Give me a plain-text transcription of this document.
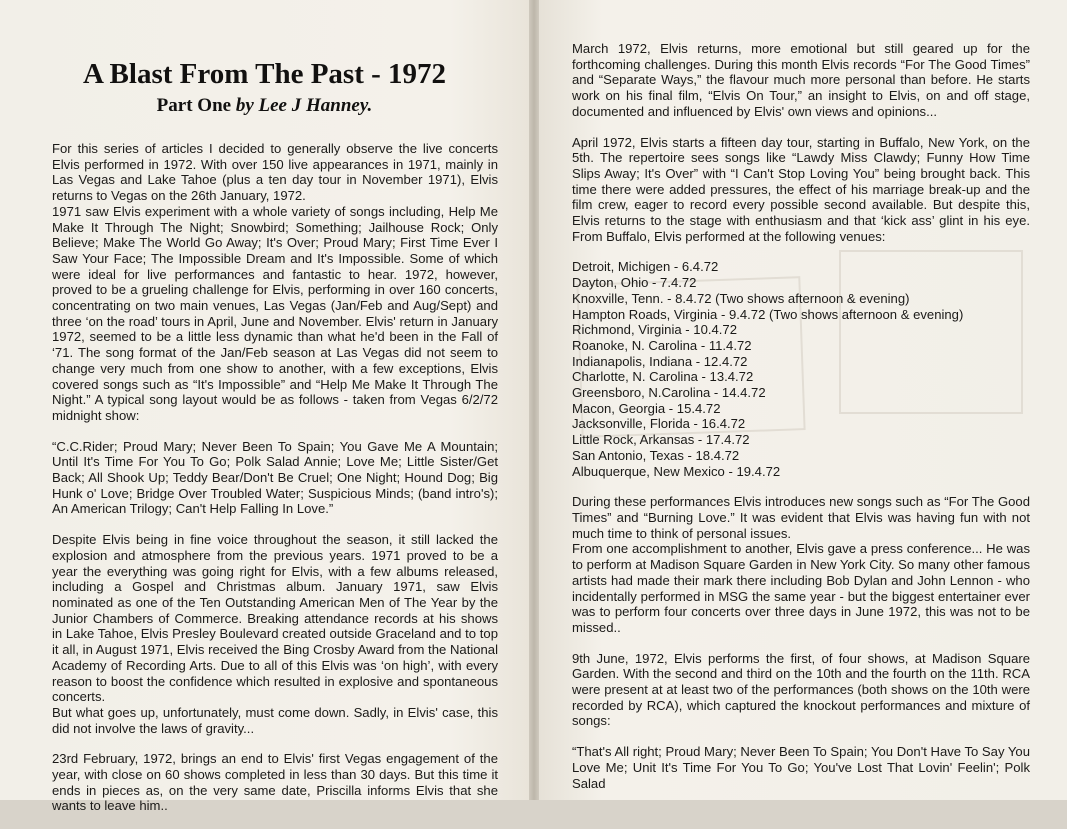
A Blast From The Past - 1972
Part One by Lee J Hanney.

For this series of articles I decided to generally observe the live concerts Elvis performed in 1972. With over 150 live appearances in 1971, mainly in Las Vegas and Lake Tahoe (plus a ten day tour in November 1971), Elvis returns to Vegas on the 26th January, 1972.

1971 saw Elvis experiment with a whole variety of songs including, Help Me Make It Through The Night; Snowbird; Something; Jailhouse Rock; Only Believe; Make The World Go Away; It's Over; Proud Mary; First Time Ever I Saw Your Face; The Impossible Dream and It's Impossible. Some of which were ideal for live performances and fantastic to hear. 1972, however, proved to be a grueling challenge for Elvis, performing in over 160 concerts, concentrating on two main venues, Las Vegas (Jan/Feb and Aug/Sept) and three ‘on the road’ tours in April, June and November. Elvis' return in January 1972, seemed to be a little less dynamic than what he'd been in the Fall of ‘71. The song format of the Jan/Feb season at Las Vegas did not seem to change very much from one show to another, with a few exceptions, Elvis covered songs such as “It's Impossible” and “Help Me Make It Through The Night.” A typical song layout would be as follows - taken from Vegas 6/2/72 midnight show:

“C.C.Rider; Proud Mary; Never Been To Spain; You Gave Me A Mountain; Until It's Time For You To Go; Polk Salad Annie; Love Me; Little Sister/Get Back; All Shook Up; Teddy Bear/Don't Be Cruel; One Night; Hound Dog; Big Hunk o' Love; Bridge Over Troubled Water; Suspicious Minds; (band intro's); An American Trilogy; Can't Help Falling In Love.”

Despite Elvis being in fine voice throughout the season, it still lacked the explosion and atmosphere from the previous years. 1971 proved to be a year the everything was going right for Elvis, with a few albums released, including a Gospel and Christmas album. January 1971, saw Elvis nominated as one of the Ten Outstanding American Men of The Year by the Junior Chambers of Commerce. Breaking attendance records at his shows in Lake Tahoe, Elvis Presley Boulevard created outside Graceland and to top it all, in August 1971, Elvis received the Bing Crosby Award from the National Academy of Recording Arts. Due to all of this Elvis was ‘on high’, with every reason to boost the confidence which resulted in explosive and spontaneous concerts.

But what goes up, unfortunately, must come down. Sadly, in Elvis' case, this did not involve the laws of gravity...

23rd February, 1972, brings an end to Elvis' first Vegas engagement of the year, with close on 60 shows completed in less than 30 days. But this time it ends in pieces as, on the very same date, Priscilla informs Elvis that she wants to leave him..

March 1972, Elvis returns, more emotional but still geared up for the forthcoming challenges. During this month Elvis records “For The Good Times” and “Separate Ways,” the flavour much more personal than before. He starts work on his final film, “Elvis On Tour,” an insight to Elvis, on and off stage, documented and influenced by Elvis' own views and opinions...

April 1972, Elvis starts a fifteen day tour, starting in Buffalo, New York, on the 5th. The repertoire sees songs like “Lawdy Miss Clawdy; Funny How Time Slips Away; It's Over” with “I Can't Stop Loving You” being brought back. This time there were added pressures, the effect of his marriage break-up and the film crew, eager to record every possible second available. But despite this, Elvis returns to the stage with enthusiasm and that ‘kick ass’ glint in his eye. From Buffalo, Elvis performed at the following venues:

Detroit, Michigen - 6.4.72
Dayton, Ohio - 7.4.72
Knoxville, Tenn. - 8.4.72 (Two shows afternoon & evening)
Hampton Roads, Virginia - 9.4.72 (Two shows afternoon & evening)
Richmond, Virginia - 10.4.72
Roanoke, N. Carolina - 11.4.72
Indianapolis, Indiana - 12.4.72
Charlotte, N. Carolina - 13.4.72
Greensboro, N.Carolina - 14.4.72
Macon, Georgia - 15.4.72
Jacksonville, Florida - 16.4.72
Little Rock, Arkansas - 17.4.72
San Antonio, Texas - 18.4.72
Albuquerque, New Mexico - 19.4.72

During these performances Elvis introduces new songs such as “For The Good Times” and “Burning Love.” It was evident that Elvis was having fun with not much time to think of personal issues.

From one accomplishment to another, Elvis gave a press conference... He was to perform at Madison Square Garden in New York City. So many other famous artists had made their mark there including Bob Dylan and John Lennon - who incidentally performed in MSG the same year - but the biggest entertainer ever was to perform four concerts over three days in June 1972, this was not to be missed..

9th June, 1972, Elvis performs the first, of four shows, at Madison Square Garden. With the second and third on the 10th and the fourth on the 11th. RCA were present at at least two of the performances (both shows on the 10th were recorded by RCA), which captured the knockout performances and mixture of songs:

“That's All right; Proud Mary; Never Been To Spain; You Don't Have To Say You Love Me; Unit It's Time For You To Go; You've Lost That Lovin' Feelin'; Polk Salad
